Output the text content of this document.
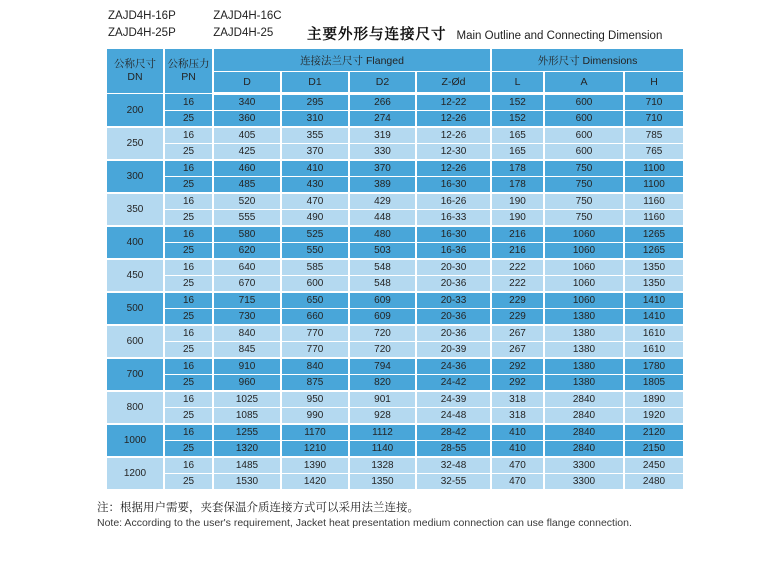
ZAJD4H-16P	ZAJD4H-16C
ZAJD4H-25P	ZAJD4H-25	主要外形与连接尺寸 Main Outline and Connecting Dimension
公称尺寸
DN

公称压力
PN
	连接法兰尺寸 Flanged	外形尺寸 Dimensions
		D	D1	D2	Z-Ød	L	A	H
200	16	340	295	266	12-22	152	600	710
	25	360	310	274	12-26	152	600	710
250	16	405	355	319	12-26	165	600	785
	25	425	370	330	12-30	165	600	765
300	16	460	410	370	12-26	178	750	1100
	25	485	430	389	16-30	178	750	1100
350	16	520	470	429	16-26	190	750	1160
	25	555	490	448	16-33	190	750	1160
400	16	580	525	480	16-30	216	1060	1265
	25	620	550	503	16-36	216	1060	1265
450	16	640	585	548	20-30	222	1060	1350
	25	670	600	548	20-36	222	1060	1350
500	16	715	650	609	20-33	229	1060	1410
	25	730	660	609	20-36	229	1380	1410
600	16	840	770	720	20-36	267	1380	1610
	25	845	770	720	20-39	267	1380	1610
700	16	910	840	794	24-36	292	1380	1780
	25	960	875	820	24-42	292	1380	1805
800	16	1025	950	901	24-39	318	2840	1890
	25	1085	990	928	24-48	318	2840	1920
1000	16	1255	1170	1112	28-42	410	2840	2120
	25	1320	1210	1140	28-55	410	2840	2150
1200	16	1485	1390	1328	32-48	470	3300	2450
	25	1530	1420	1350	32-55	470	3300	2480
注：根据用户需要，夹套保温介质连接方式可以采用法兰连接。
Note: According to the user's requirement, Jacket heat presentation medium connection can use flange connection.
